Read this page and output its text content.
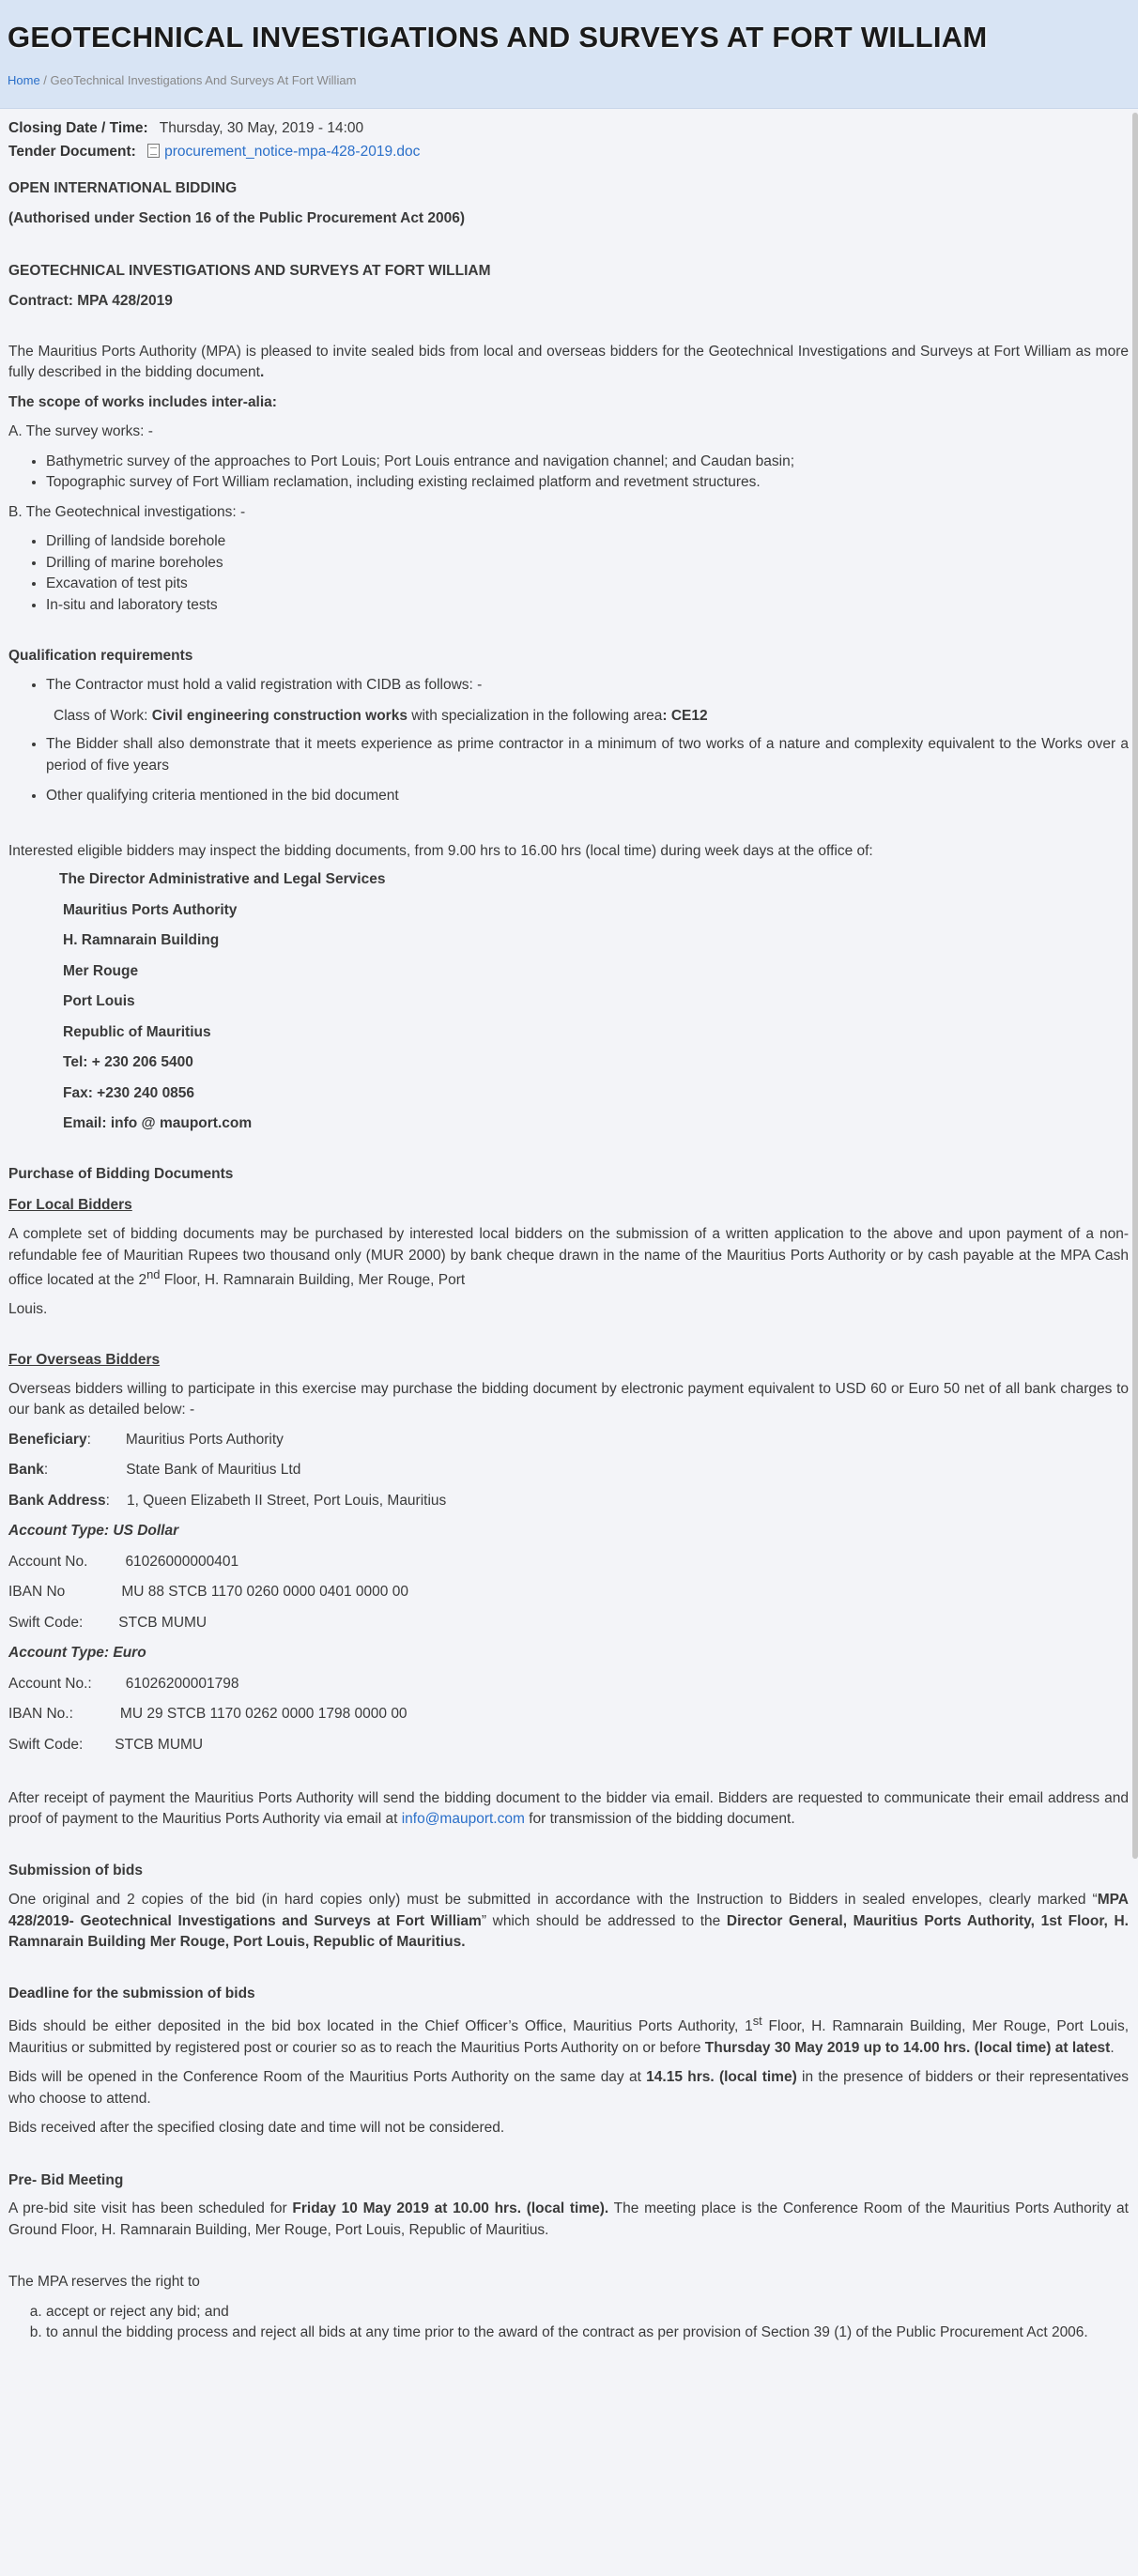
GEOTECHNICAL INVESTIGATIONS AND SURVEYS AT FORT WILLIAM
Home / GeoTechnical Investigations And Surveys At Fort William
Closing Date / Time: Thursday, 30 May, 2019 - 14:00
Tender Document: procurement_notice-mpa-428-2019.doc

OPEN INTERNATIONAL BIDDING

(Authorised under Section 16 of the Public Procurement Act 2006)

GEOTECHNICAL INVESTIGATIONS AND SURVEYS AT FORT WILLIAM

Contract: MPA 428/2019

The Mauritius Ports Authority (MPA) is pleased to invite sealed bids from local and overseas bidders for the Geotechnical Investigations and Surveys at Fort William as more fully described in the bidding document.

The scope of works includes inter-alia:

A. The survey works: -

• Bathymetric survey of the approaches to Port Louis; Port Louis entrance and navigation channel; and Caudan basin;
• Topographic survey of Fort William reclamation, including existing reclaimed platform and revetment structures.

B. The Geotechnical investigations: -

• Drilling of landside borehole
• Drilling of marine boreholes
• Excavation of test pits
• In-situ and laboratory tests

Qualification requirements

• The Contractor must hold a valid registration with CIDB as follows: -

Class of Work: Civil engineering construction works with specialization in the following area: CE12

• The Bidder shall also demonstrate that it meets experience as prime contractor in a minimum of two works of a nature and complexity equivalent to the Works over a period of five years
• Other qualifying criteria mentioned in the bid document

Interested eligible bidders may inspect the bidding documents, from 9.00 hrs to 16.00 hrs (local time) during week days at the office of:

The Director Administrative and Legal Services

Mauritius Ports Authority

H. Ramnarain Building

Mer Rouge

Port Louis

Republic of Mauritius

Tel: + 230 206 5400

Fax: +230 240 0856

Email: info @ mauport.com

Purchase of Bidding Documents

For Local Bidders

A complete set of bidding documents may be purchased by interested local bidders on the submission of a written application to the above and upon payment of a non-refundable fee of Mauritian Rupees two thousand only (MUR 2000) by bank cheque drawn in the name of the Mauritius Ports Authority or by cash payable at the MPA Cash office located at the 2nd Floor, H. Ramnarain Building, Mer Rouge, Port

Louis.

For Overseas Bidders

Overseas bidders willing to participate in this exercise may purchase the bidding document by electronic payment equivalent to USD 60 or Euro 50 net of all bank charges to our bank as detailed below: -

Beneficiary: Mauritius Ports Authority

Bank:	State Bank of Mauritius Ltd

Bank Address: 1, Queen Elizabeth II Street, Port Louis, Mauritius

Account Type: US Dollar

Account No.	61026000000401

IBAN No	MU 88 STCB 1170 0260 0000 0401 0000 00

Swift Code: STCB MUMU

Account Type: Euro

Account No.: 61026200001798

IBAN No.:	MU 29 STCB 1170 0262 0000 1798 0000 00

Swift Code: STCB MUMU

After receipt of payment the Mauritius Ports Authority will send the bidding document to the bidder via email. Bidders are requested to communicate their email address and proof of payment to the Mauritius Ports Authority via email at info@mauport.com for transmission of the bidding document.

Submission of bids

One original and 2 copies of the bid (in hard copies only) must be submitted in accordance with the Instruction to Bidders in sealed envelopes, clearly marked “MPA 428/2019- Geotechnical Investigations and Surveys at Fort William” which should be addressed to the Director General, Mauritius Ports Authority, 1st Floor, H. Ramnarain Building Mer Rouge, Port Louis, Republic of Mauritius.

Deadline for the submission of bids

Bids should be either deposited in the bid box located in the Chief Officer’s Office, Mauritius Ports Authority, 1st Floor, H. Ramnarain Building, Mer Rouge, Port Louis, Mauritius or submitted by registered post or courier so as to reach the Mauritius Ports Authority on or before Thursday 30 May 2019 up to 14.00 hrs. (local time) at latest.

Bids will be opened in the Conference Room of the Mauritius Ports Authority on the same day at 14.15 hrs. (local time) in the presence of bidders or their representatives who choose to attend.

Bids received after the specified closing date and time will not be considered.

Pre- Bid Meeting

A pre-bid site visit has been scheduled for Friday 10 May 2019 at 10.00 hrs. (local time). The meeting place is the Conference Room of the Mauritius Ports Authority at Ground Floor, H. Ramnarain Building, Mer Rouge, Port Louis, Republic of Mauritius.

The MPA reserves the right to

a. accept or reject any bid; and
b. to annul the bidding process and reject all bids at any time prior to the award of the contract as per provision of Section 39 (1) of the Public Procurement Act 2006.
